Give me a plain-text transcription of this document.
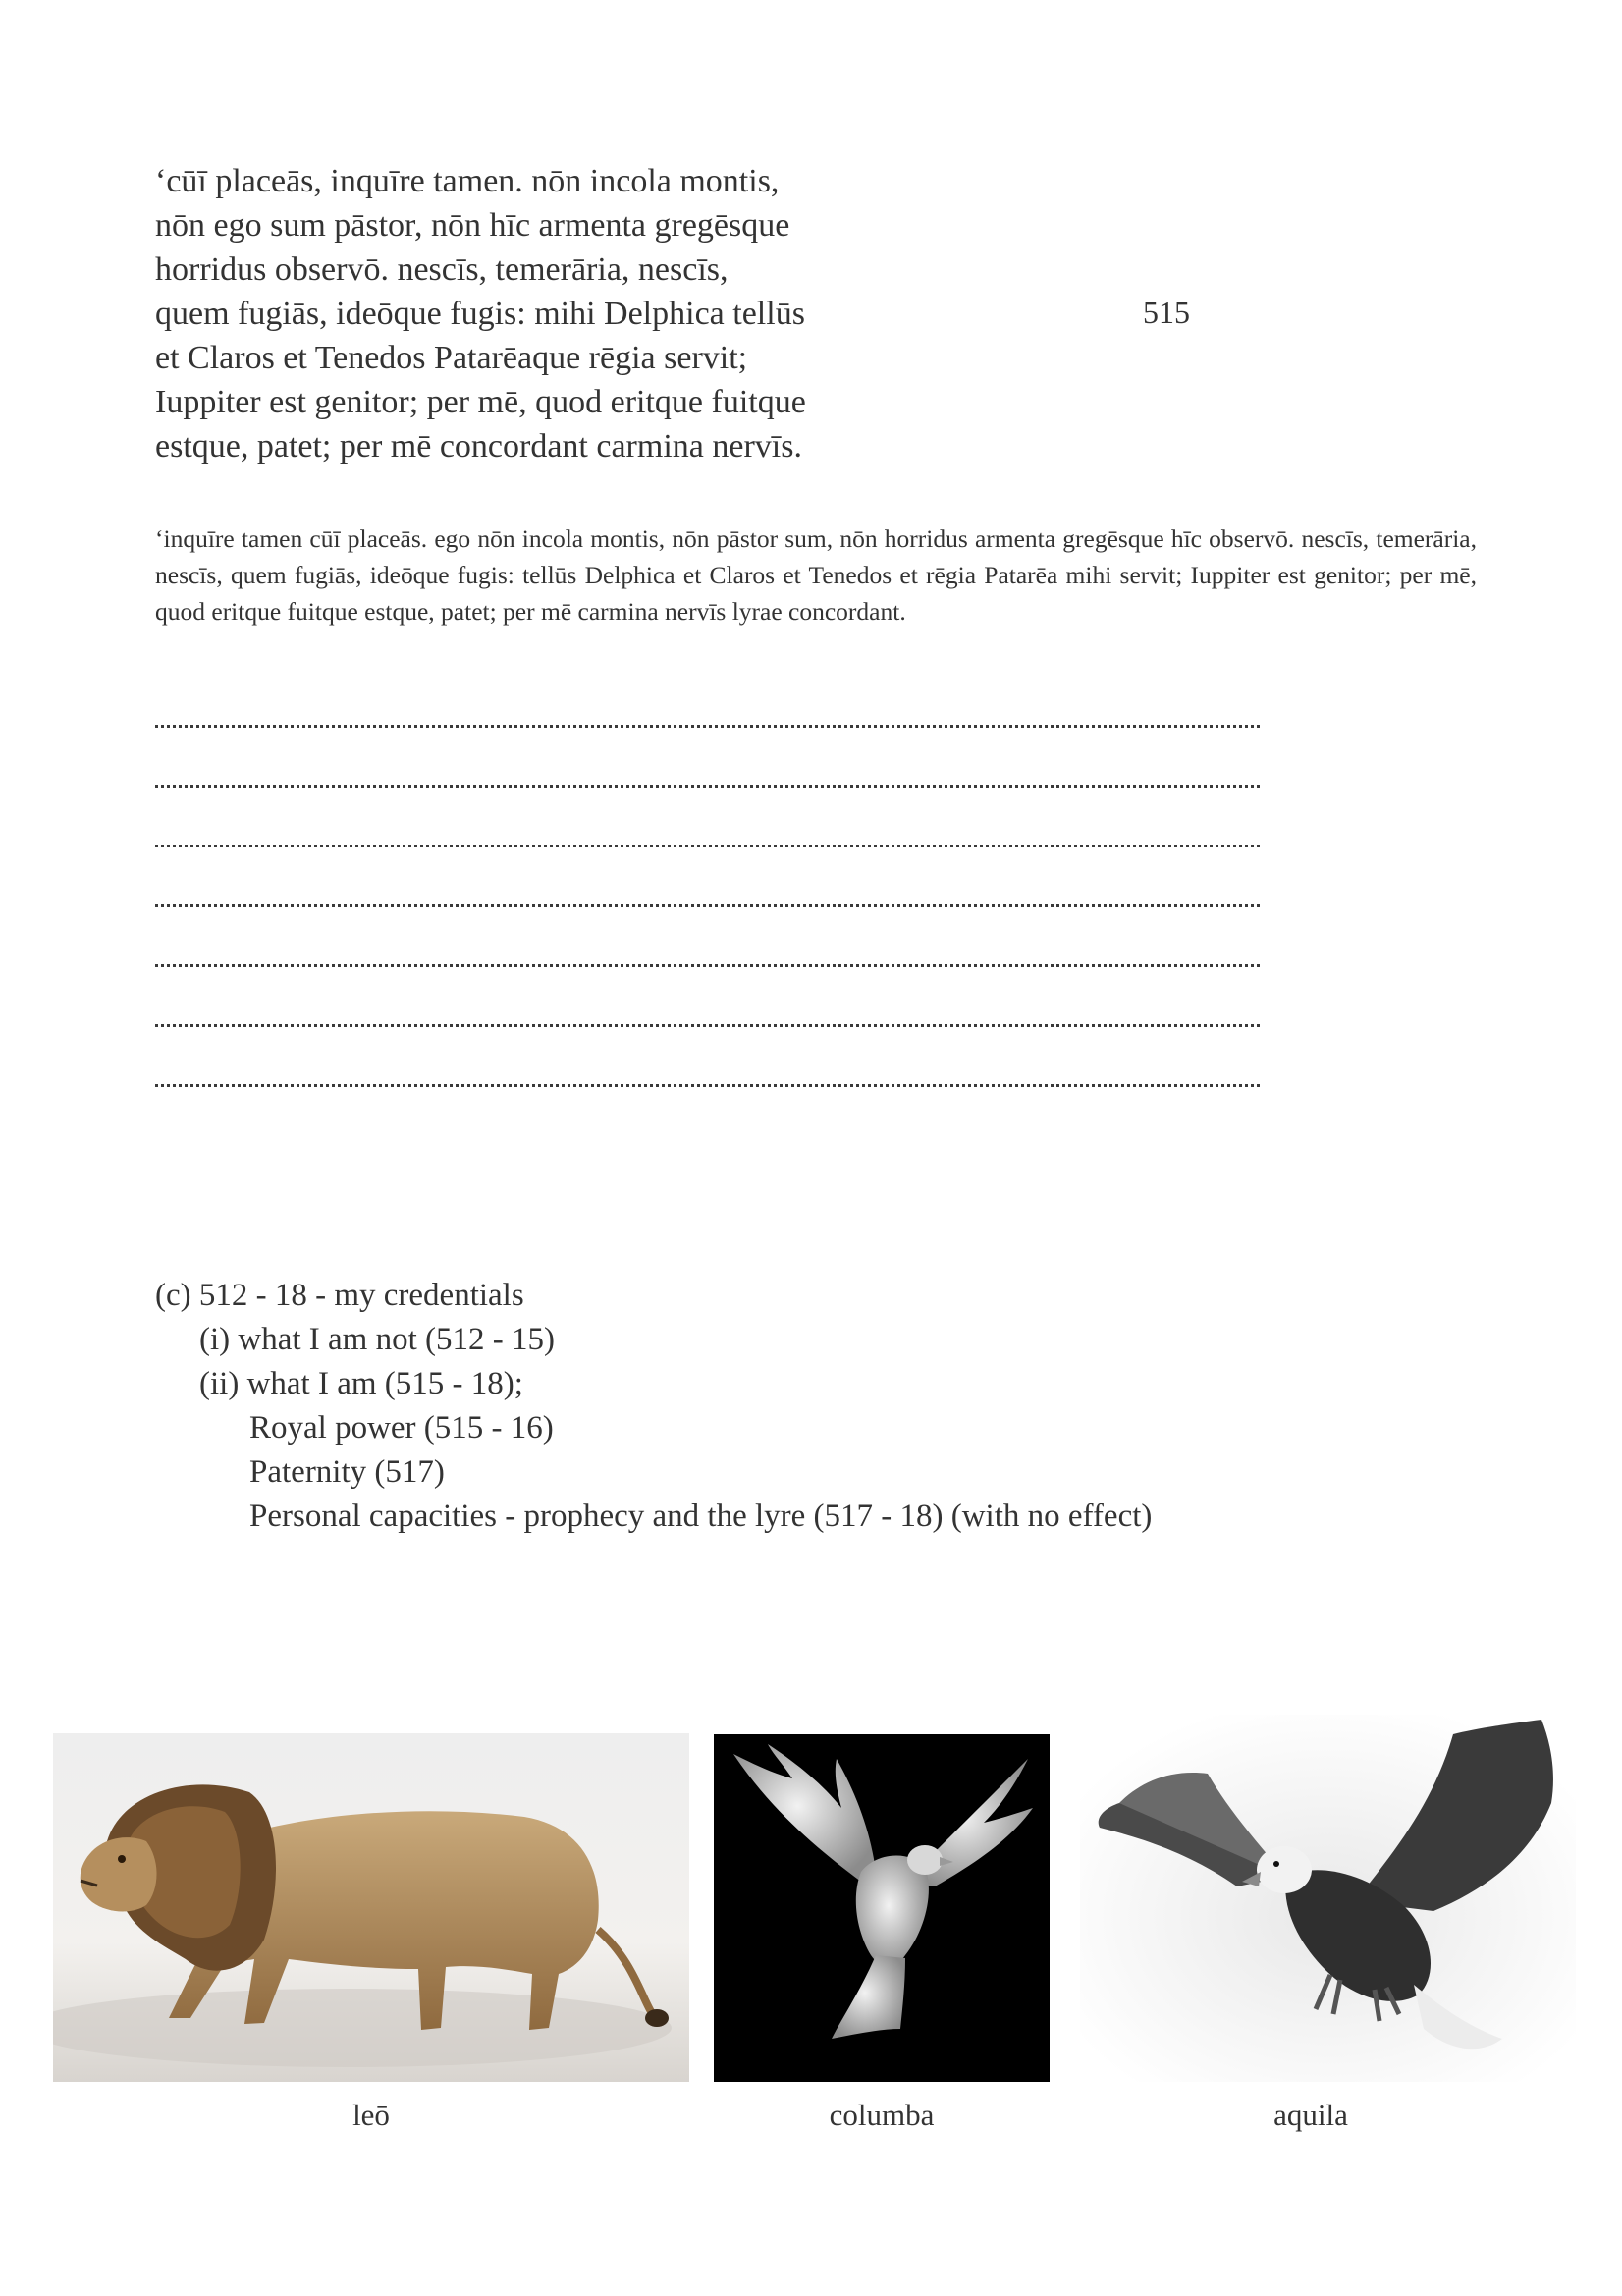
‘cūī placeās, inquīre tamen. nōn incola montis,
nōn ego sum pāstor, nōn hīc armenta gregēsque
horridus observō. nescīs, temerāria, nescīs,
quem fugiās, ideōque fugis: mihi Delphica tellūs
et Claros et Tenedos Patarēaque rēgia servit;
Iuppiter est genitor; per mē, quod eritque fuitque
estque, patet; per mē concordant carmina nervīs.
515
‘inquīre tamen cūī placeās. ego nōn incola montis, nōn pāstor sum, nōn horridus armenta gregēsque hīc observō. nescīs, temerāria, nescīs, quem fugiās, ideōque fugis: tellūs Delphica et Claros et Tenedos et rēgia Patarēa mihi servit; Iuppiter est genitor; per mē, quod eritque fuitque estque, patet; per mē carmina nervīs lyrae concordant.
(c) 512 - 18 - my credentials
(i) what I am not (512 - 15)
(ii) what I am (515 - 18);
Royal power (515 - 16)
Paternity (517)
Personal capacities - prophecy and the lyre (517 - 18) (with no effect)
leō	columba	aquila
